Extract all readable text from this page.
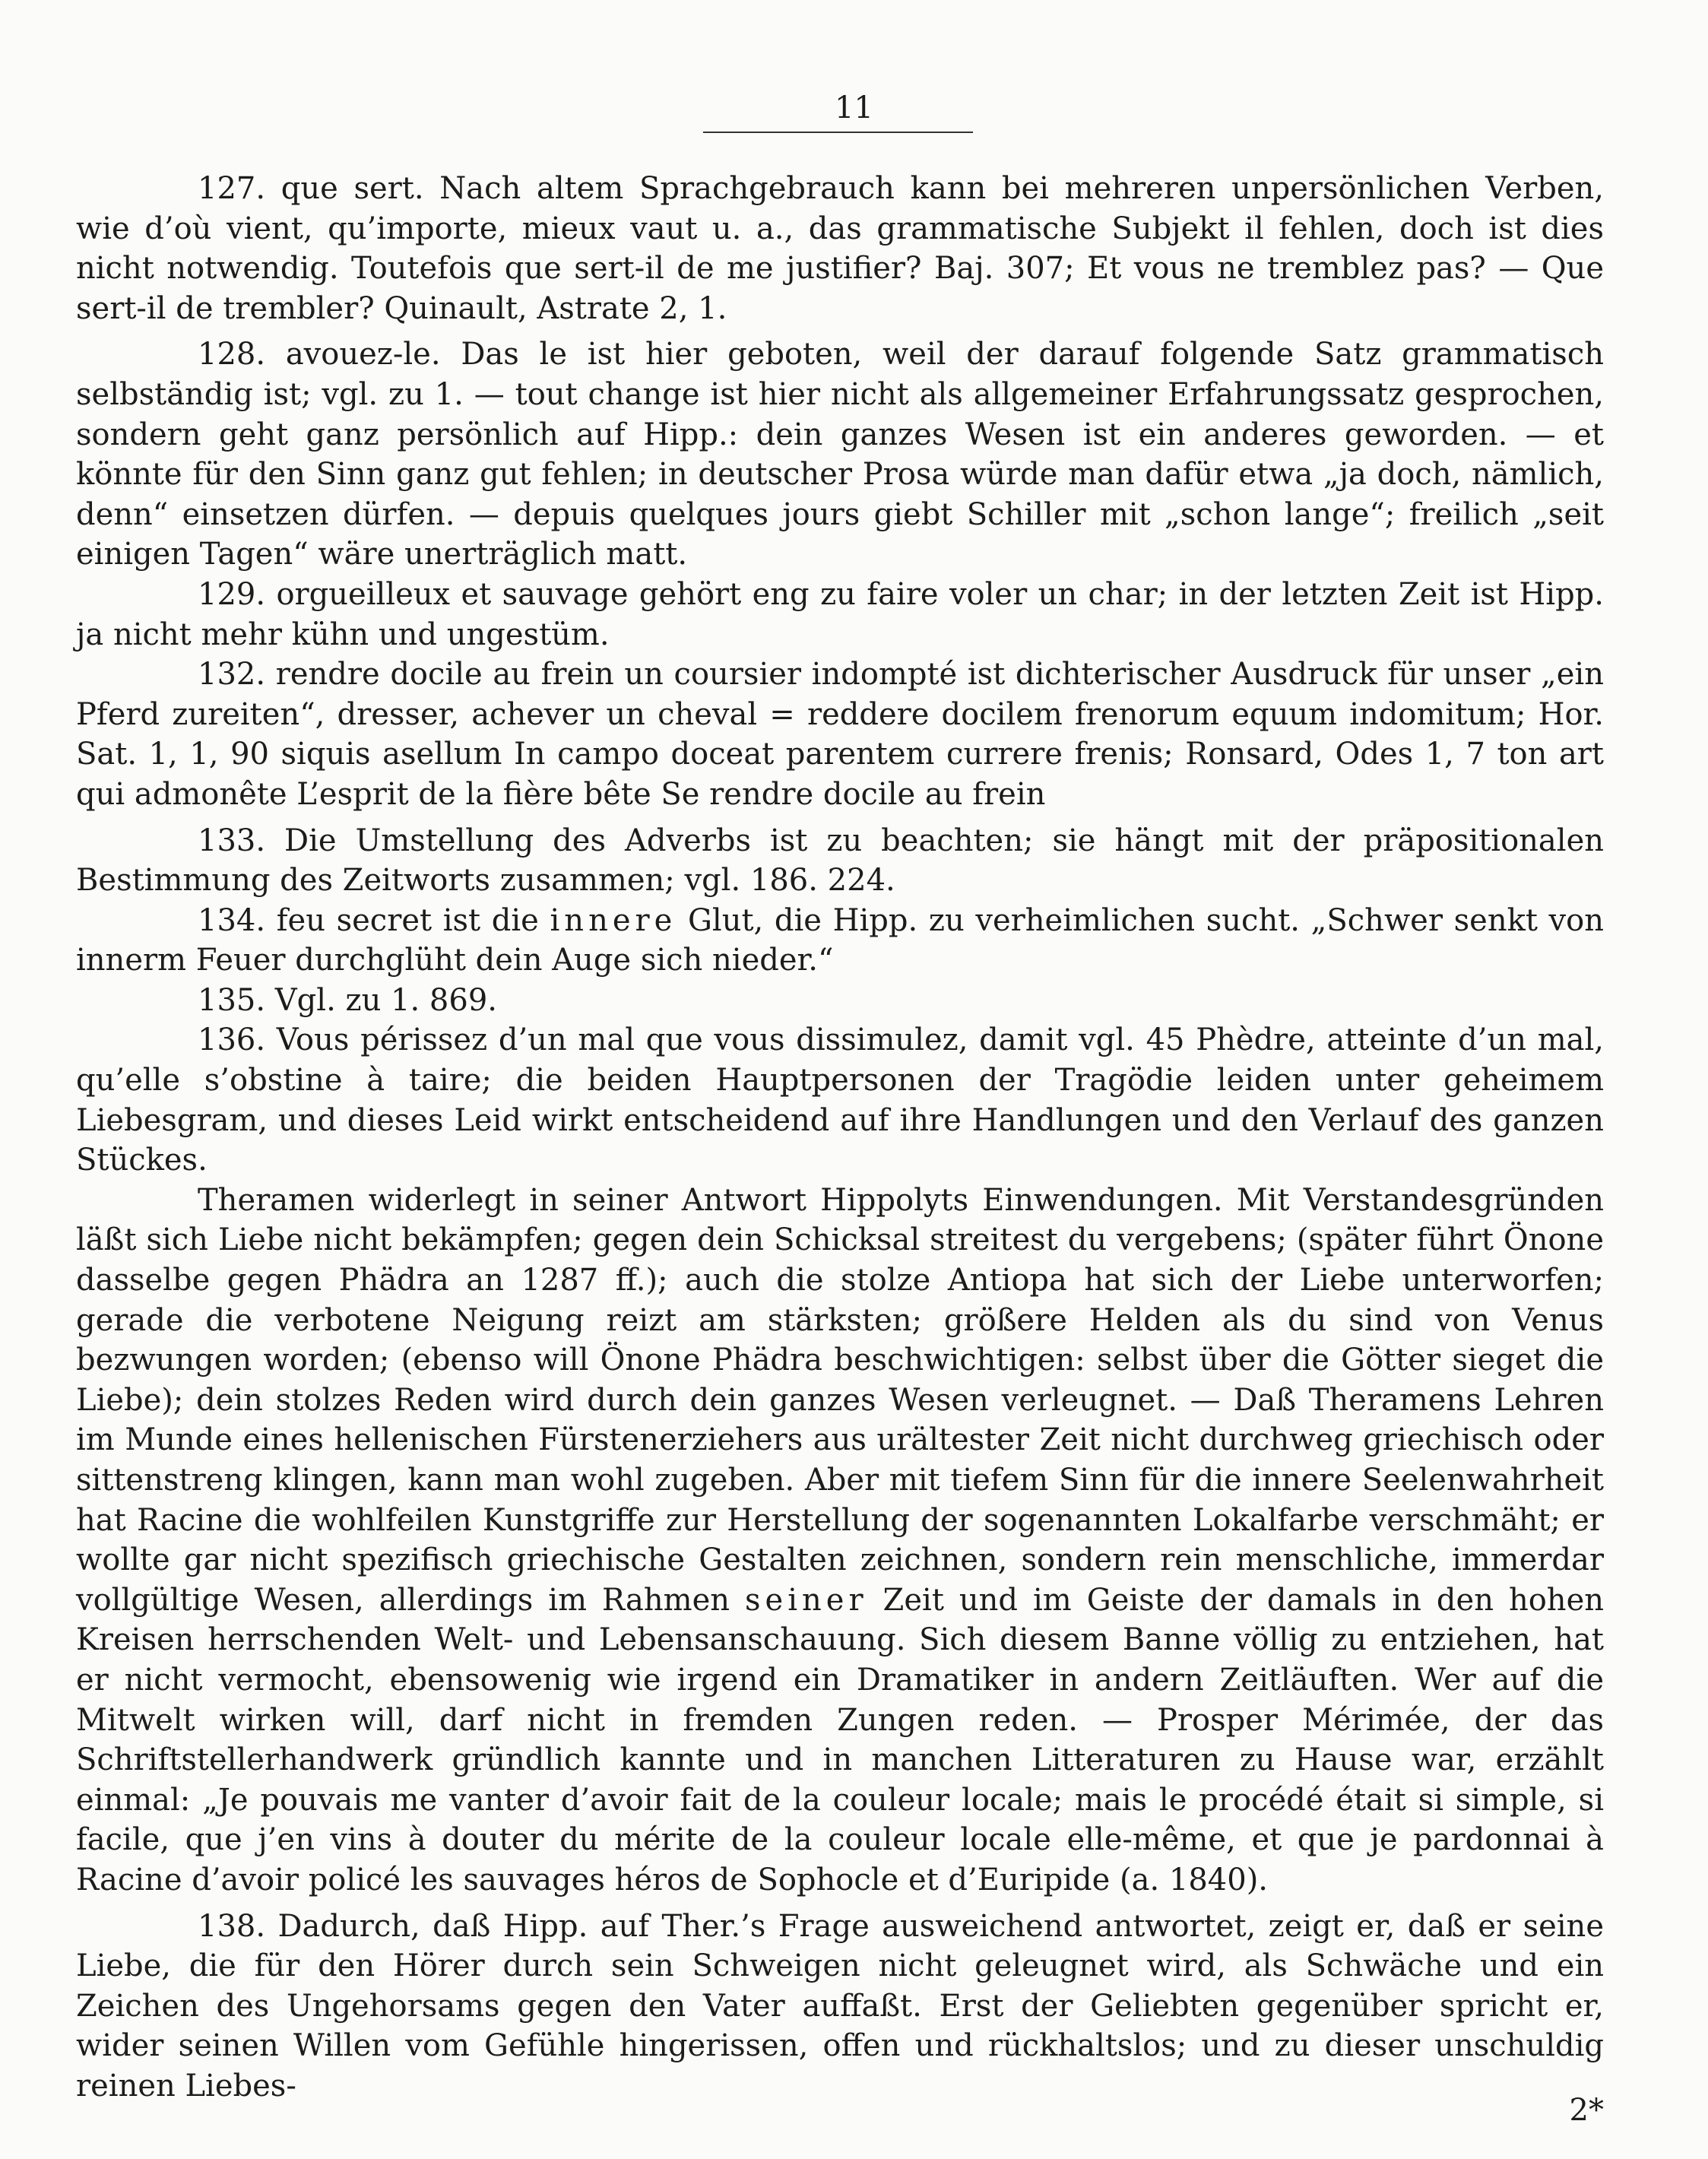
11

127. que sert. Nach altem Sprachgebrauch kann bei mehreren unpersönlichen Verben, wie d’où vient, qu’importe, mieux vaut u. a., das grammatische Subjekt il fehlen, doch ist dies nicht notwendig. Toutefois que sert-il de me justifier? Baj. 307; Et vous ne tremblez pas? — Que sert-il de trembler? Quinault, Astrate 2, 1.

128. avouez-le. Das le ist hier geboten, weil der darauf folgende Satz grammatisch selbständig ist; vgl. zu 1. — tout change ist hier nicht als allgemeiner Erfahrungssatz gesprochen, sondern geht ganz persönlich auf Hipp.: dein ganzes Wesen ist ein anderes geworden. — et könnte für den Sinn ganz gut fehlen; in deutscher Prosa würde man dafür etwa „ja doch, nämlich, denn“ einsetzen dürfen. — depuis quelques jours giebt Schiller mit „schon lange“; freilich „seit einigen Tagen“ wäre unerträglich matt.

129. orgueilleux et sauvage gehört eng zu faire voler un char; in der letzten Zeit ist Hipp. ja nicht mehr kühn und ungestüm.

132. rendre docile au frein un coursier indompté ist dichterischer Ausdruck für unser „ein Pferd zureiten“, dresser, achever un cheval = reddere docilem frenorum equum indomitum; Hor. Sat. 1, 1, 90 siquis asellum In campo doceat parentem currere frenis; Ronsard, Odes 1, 7 ton art qui admonête L’esprit de la fière bête Se rendre docile au frein

133. Die Umstellung des Adverbs ist zu beachten; sie hängt mit der präpositionalen Bestimmung des Zeitworts zusammen; vgl. 186. 224.

134. feu secret ist die innere Glut, die Hipp. zu verheimlichen sucht. „Schwer senkt von innerm Feuer durchglüht dein Auge sich nieder.“

135. Vgl. zu 1. 869.

136. Vous périssez d’un mal que vous dissimulez, damit vgl. 45 Phèdre, atteinte d’un mal, qu’elle s’obstine à taire; die beiden Hauptpersonen der Tragödie leiden unter geheimem Liebesgram, und dieses Leid wirkt entscheidend auf ihre Handlungen und den Verlauf des ganzen Stückes.

Theramen widerlegt in seiner Antwort Hippolyts Einwendungen. Mit Verstandesgründen läßt sich Liebe nicht bekämpfen; gegen dein Schicksal streitest du vergebens; (später führt Önone dasselbe gegen Phädra an 1287 ff.); auch die stolze Antiopa hat sich der Liebe unterworfen; gerade die verbotene Neigung reizt am stärksten; größere Helden als du sind von Venus bezwungen worden; (ebenso will Önone Phädra beschwichtigen: selbst über die Götter sieget die Liebe); dein stolzes Reden wird durch dein ganzes Wesen verleugnet. — Daß Theramens Lehren im Munde eines hellenischen Fürstenerziehers aus urältester Zeit nicht durchweg griechisch oder sittenstreng klingen, kann man wohl zugeben. Aber mit tiefem Sinn für die innere Seelenwahrheit hat Racine die wohlfeilen Kunstgriffe zur Herstellung der sogenannten Lokalfarbe verschmäht; er wollte gar nicht spezifisch griechische Gestalten zeichnen, sondern rein menschliche, immerdar vollgültige Wesen, allerdings im Rahmen seiner Zeit und im Geiste der damals in den hohen Kreisen herrschenden Welt- und Lebensanschauung. Sich diesem Banne völlig zu entziehen, hat er nicht vermocht, ebensowenig wie irgend ein Dramatiker in andern Zeitläuften. Wer auf die Mitwelt wirken will, darf nicht in fremden Zungen reden. — Prosper Mérimée, der das Schriftstellerhandwerk gründlich kannte und in manchen Litteraturen zu Hause war, erzählt einmal: „Je pouvais me vanter d’avoir fait de la couleur locale; mais le procédé était si simple, si facile, que j’en vins à douter du mérite de la couleur locale elle-même, et que je pardonnai à Racine d’avoir policé les sauvages héros de Sophocle et d’Euripide (a. 1840).

138. Dadurch, daß Hipp. auf Ther.’s Frage ausweichend antwortet, zeigt er, daß er seine Liebe, die für den Hörer durch sein Schweigen nicht geleugnet wird, als Schwäche und ein Zeichen des Ungehorsams gegen den Vater auffaßt. Erst der Geliebten gegenüber spricht er, wider seinen Willen vom Gefühle hingerissen, offen und rückhaltslos; und zu dieser unschuldig reinen Liebes-

2*
